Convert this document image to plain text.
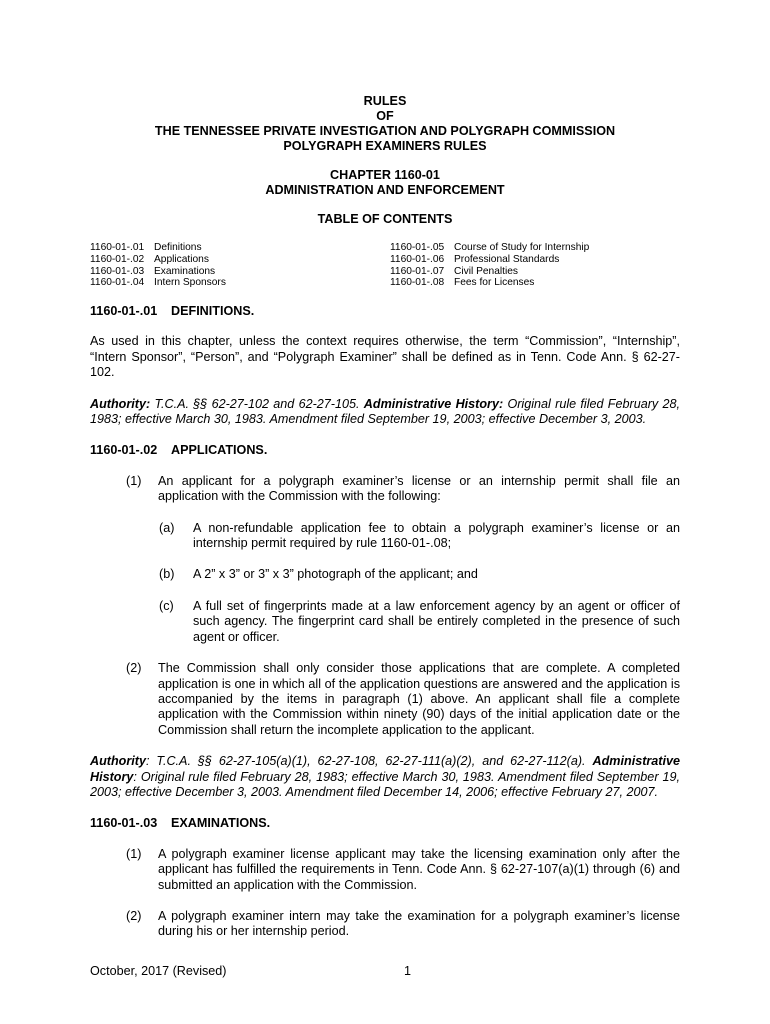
RULES
OF
THE TENNESSEE PRIVATE INVESTIGATION AND POLYGRAPH COMMISSION
POLYGRAPH EXAMINERS RULES
CHAPTER 1160-01
ADMINISTRATION AND ENFORCEMENT
TABLE OF CONTENTS
1160-01-.01 Definitions
1160-01-.02 Applications
1160-01-.03 Examinations
1160-01-.04 Intern Sponsors
1160-01-.05 Course of Study for Internship
1160-01-.06 Professional Standards
1160-01-.07 Civil Penalties
1160-01-.08 Fees for Licenses

1160-01-.01 DEFINITIONS.

As used in this chapter, unless the context requires otherwise, the term “Commission”, “Internship”, “Intern Sponsor”, “Person”, and “Polygraph Examiner” shall be defined as in Tenn. Code Ann. § 62-27-102.

Authority: T.C.A. §§ 62-27-102 and 62-27-105. Administrative History: Original rule filed February 28, 1983; effective March 30, 1983. Amendment filed September 19, 2003; effective December 3, 2003.

1160-01-.02 APPLICATIONS.

(1) An applicant for a polygraph examiner’s license or an internship permit shall file an application with the Commission with the following:

(a) A non-refundable application fee to obtain a polygraph examiner’s license or an internship permit required by rule 1160-01-.08;

(b) A 2” x 3” or 3” x 3” photograph of the applicant; and

(c) A full set of fingerprints made at a law enforcement agency by an agent or officer of such agency. The fingerprint card shall be entirely completed in the presence of such agent or officer.

(2) The Commission shall only consider those applications that are complete. A completed application is one in which all of the application questions are answered and the application is accompanied by the items in paragraph (1) above. An applicant shall file a complete application with the Commission within ninety (90) days of the initial application date or the Commission shall return the incomplete application to the applicant.

Authority: T.C.A. §§ 62-27-105(a)(1), 62-27-108, 62-27-111(a)(2), and 62-27-112(a). Administrative History: Original rule filed February 28, 1983; effective March 30, 1983. Amendment filed September 19, 2003; effective December 3, 2003. Amendment filed December 14, 2006; effective February 27, 2007.

1160-01-.03 EXAMINATIONS.

(1) A polygraph examiner license applicant may take the licensing examination only after the applicant has fulfilled the requirements in Tenn. Code Ann. § 62-27-107(a)(1) through (6) and submitted an application with the Commission.

(2) A polygraph examiner intern may take the examination for a polygraph examiner’s license during his or her internship period.

October, 2017 (Revised)	1
